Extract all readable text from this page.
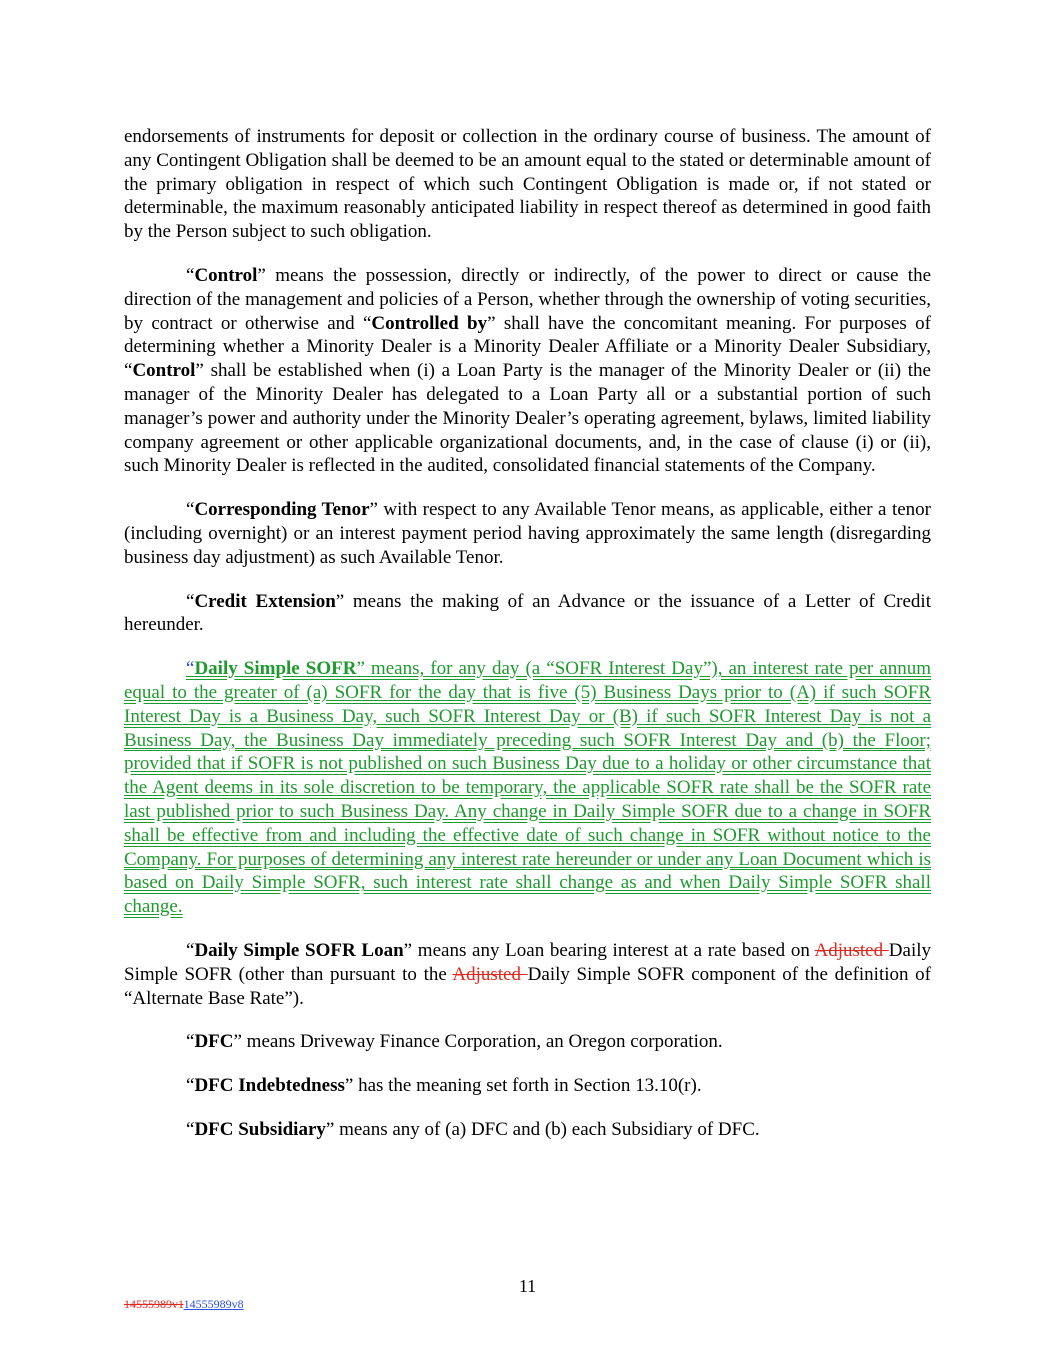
endorsements of instruments for deposit or collection in the ordinary course of business. The amount of any Contingent Obligation shall be deemed to be an amount equal to the stated or determinable amount of the primary obligation in respect of which such Contingent Obligation is made or, if not stated or determinable, the maximum reasonably anticipated liability in respect thereof as determined in good faith by the Person subject to such obligation.

“Control” means the possession, directly or indirectly, of the power to direct or cause the direction of the management and policies of a Person, whether through the ownership of voting securities, by contract or otherwise and “Controlled by” shall have the concomitant meaning. For purposes of determining whether a Minority Dealer is a Minority Dealer Affiliate or a Minority Dealer Subsidiary, “Control” shall be established when (i) a Loan Party is the manager of the Minority Dealer or (ii) the manager of the Minority Dealer has delegated to a Loan Party all or a substantial portion of such manager’s power and authority under the Minority Dealer’s operating agreement, bylaws, limited liability company agreement or other applicable organizational documents, and, in the case of clause (i) or (ii), such Minority Dealer is reflected in the audited, consolidated financial statements of the Company.

“Corresponding Tenor” with respect to any Available Tenor means, as applicable, either a tenor (including overnight) or an interest payment period having approximately the same length (disregarding business day adjustment) as such Available Tenor.

“Credit Extension” means the making of an Advance or the issuance of a Letter of Credit hereunder.

“Daily Simple SOFR” means, for any day (a “SOFR Interest Day”), an interest rate per annum equal to the greater of (a) SOFR for the day that is five (5) Business Days prior to (A) if such SOFR Interest Day is a Business Day, such SOFR Interest Day or (B) if such SOFR Interest Day is not a Business Day, the Business Day immediately preceding such SOFR Interest Day and (b) the Floor; provided that if SOFR is not published on such Business Day due to a holiday or other circumstance that the Agent deems in its sole discretion to be temporary, the applicable SOFR rate shall be the SOFR rate last published prior to such Business Day. Any change in Daily Simple SOFR due to a change in SOFR shall be effective from and including the effective date of such change in SOFR without notice to the Company. For purposes of determining any interest rate hereunder or under any Loan Document which is based on Daily Simple SOFR, such interest rate shall change as and when Daily Simple SOFR shall change.

“Daily Simple SOFR Loan” means any Loan bearing interest at a rate based on Adjusted Daily Simple SOFR (other than pursuant to the Adjusted Daily Simple SOFR component of the definition of “Alternate Base Rate”).

“DFC” means Driveway Finance Corporation, an Oregon corporation.

“DFC Indebtedness” has the meaning set forth in Section 13.10(r).

“DFC Subsidiary” means any of (a) DFC and (b) each Subsidiary of DFC.

11
14555989v114555989v8
